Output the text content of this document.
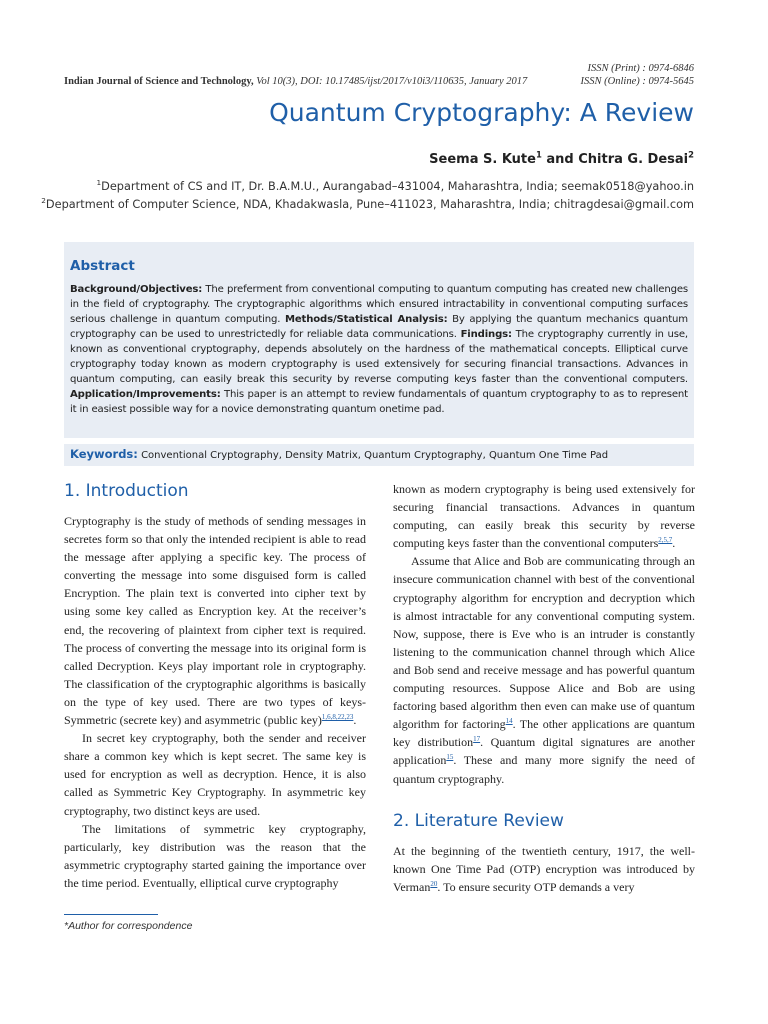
ISSN (Print) : 0974-6846
ISSN (Online) : 0974-5645
Indian Journal of Science and Technology, Vol 10(3), DOI: 10.17485/ijst/2017/v10i3/110635, January 2017
Quantum Cryptography: A Review
Seema S. Kute$^1$ and Chitra G. Desai$^2$
$^1$Department of CS and IT, Dr. B.A.M.U., Aurangabad–431004, Maharashtra, India; seemak0518@yahoo.in
$^2$Department of Computer Science, NDA, Khadakwasla, Pune–411023, Maharashtra, India; chitragdesai@gmail.com
Abstract

Background/Objectives: The preferment from conventional computing to quantum computing has created new challenges in the field of cryptography. The cryptographic algorithms which ensured intractability in conventional computing surfaces serious challenge in quantum computing. Methods/Statistical Analysis: By applying the quantum mechanics quantum cryptography can be used to unrestrictedly for reliable data communications. Findings: The cryptography currently in use, known as conventional cryptography, depends absolutely on the hardness of the mathematical concepts. Elliptical curve cryptography today known as modern cryptography is used extensively for securing financial transactions. Advances in quantum computing, can easily break this security by reverse computing keys faster than the conventional computers. Application/Improvements: This paper is an attempt to review fundamentals of quantum cryptography to as to represent it in easiest possible way for a novice demonstrating quantum onetime pad.

Keywords: Conventional Cryptography, Density Matrix, Quantum Cryptography, Quantum One Time Pad
1. Introduction

Cryptography is the study of methods of sending messages in secretes form so that only the intended recipient is able to read the message after applying a specific key. The process of converting the message into some disguised form is called Encryption. The plain text is converted into cipher text by using some key called as Encryption key. At the receiver’s end, the recovering of plaintext from cipher text is required. The process of converting the message into its original form is called Decryption. Keys play important role in cryptography. The classification of the cryptographic algorithms is basically on the type of key used. There are two types of keys-Symmetric (secrete key) and asymmetric (public key)$^{1,6,8,22,23}$.

In secret key cryptography, both the sender and receiver share a common key which is kept secret. The same key is used for encryption as well as decryption. Hence, it is also called as Symmetric Key Cryptography. In asymmetric key cryptography, two distinct keys are used.

The limitations of symmetric key cryptography, particularly, key distribution was the reason that the asymmetric cryptography started gaining the importance over the time period. Eventually, elliptical curve cryptography

known as modern cryptography is being used extensively for securing financial transactions. Advances in quantum computing, can easily break this security by reverse computing keys faster than the conventional computers$^{2,5,7}$.

Assume that Alice and Bob are communicating through an insecure communication channel with best of the conventional cryptography algorithm for encryption and decryption which is almost intractable for any conventional computing system. Now, suppose, there is Eve who is an intruder is constantly listening to the communication channel through which Alice and Bob send and receive message and has powerful quantum computing resources. Suppose Alice and Bob are using factoring based algorithm then even can make use of quantum algorithm for factoring$^{14}$. The other applications are quantum key distribution$^{17}$. Quantum digital signatures are another application$^{15}$. These and many more signify the need of quantum cryptography.

2. Literature Review

At the beginning of the twentieth century, 1917, the well-known One Time Pad (OTP) encryption was introduced by Verman$^{20}$. To ensure security OTP demands a very

*Author for correspondence
